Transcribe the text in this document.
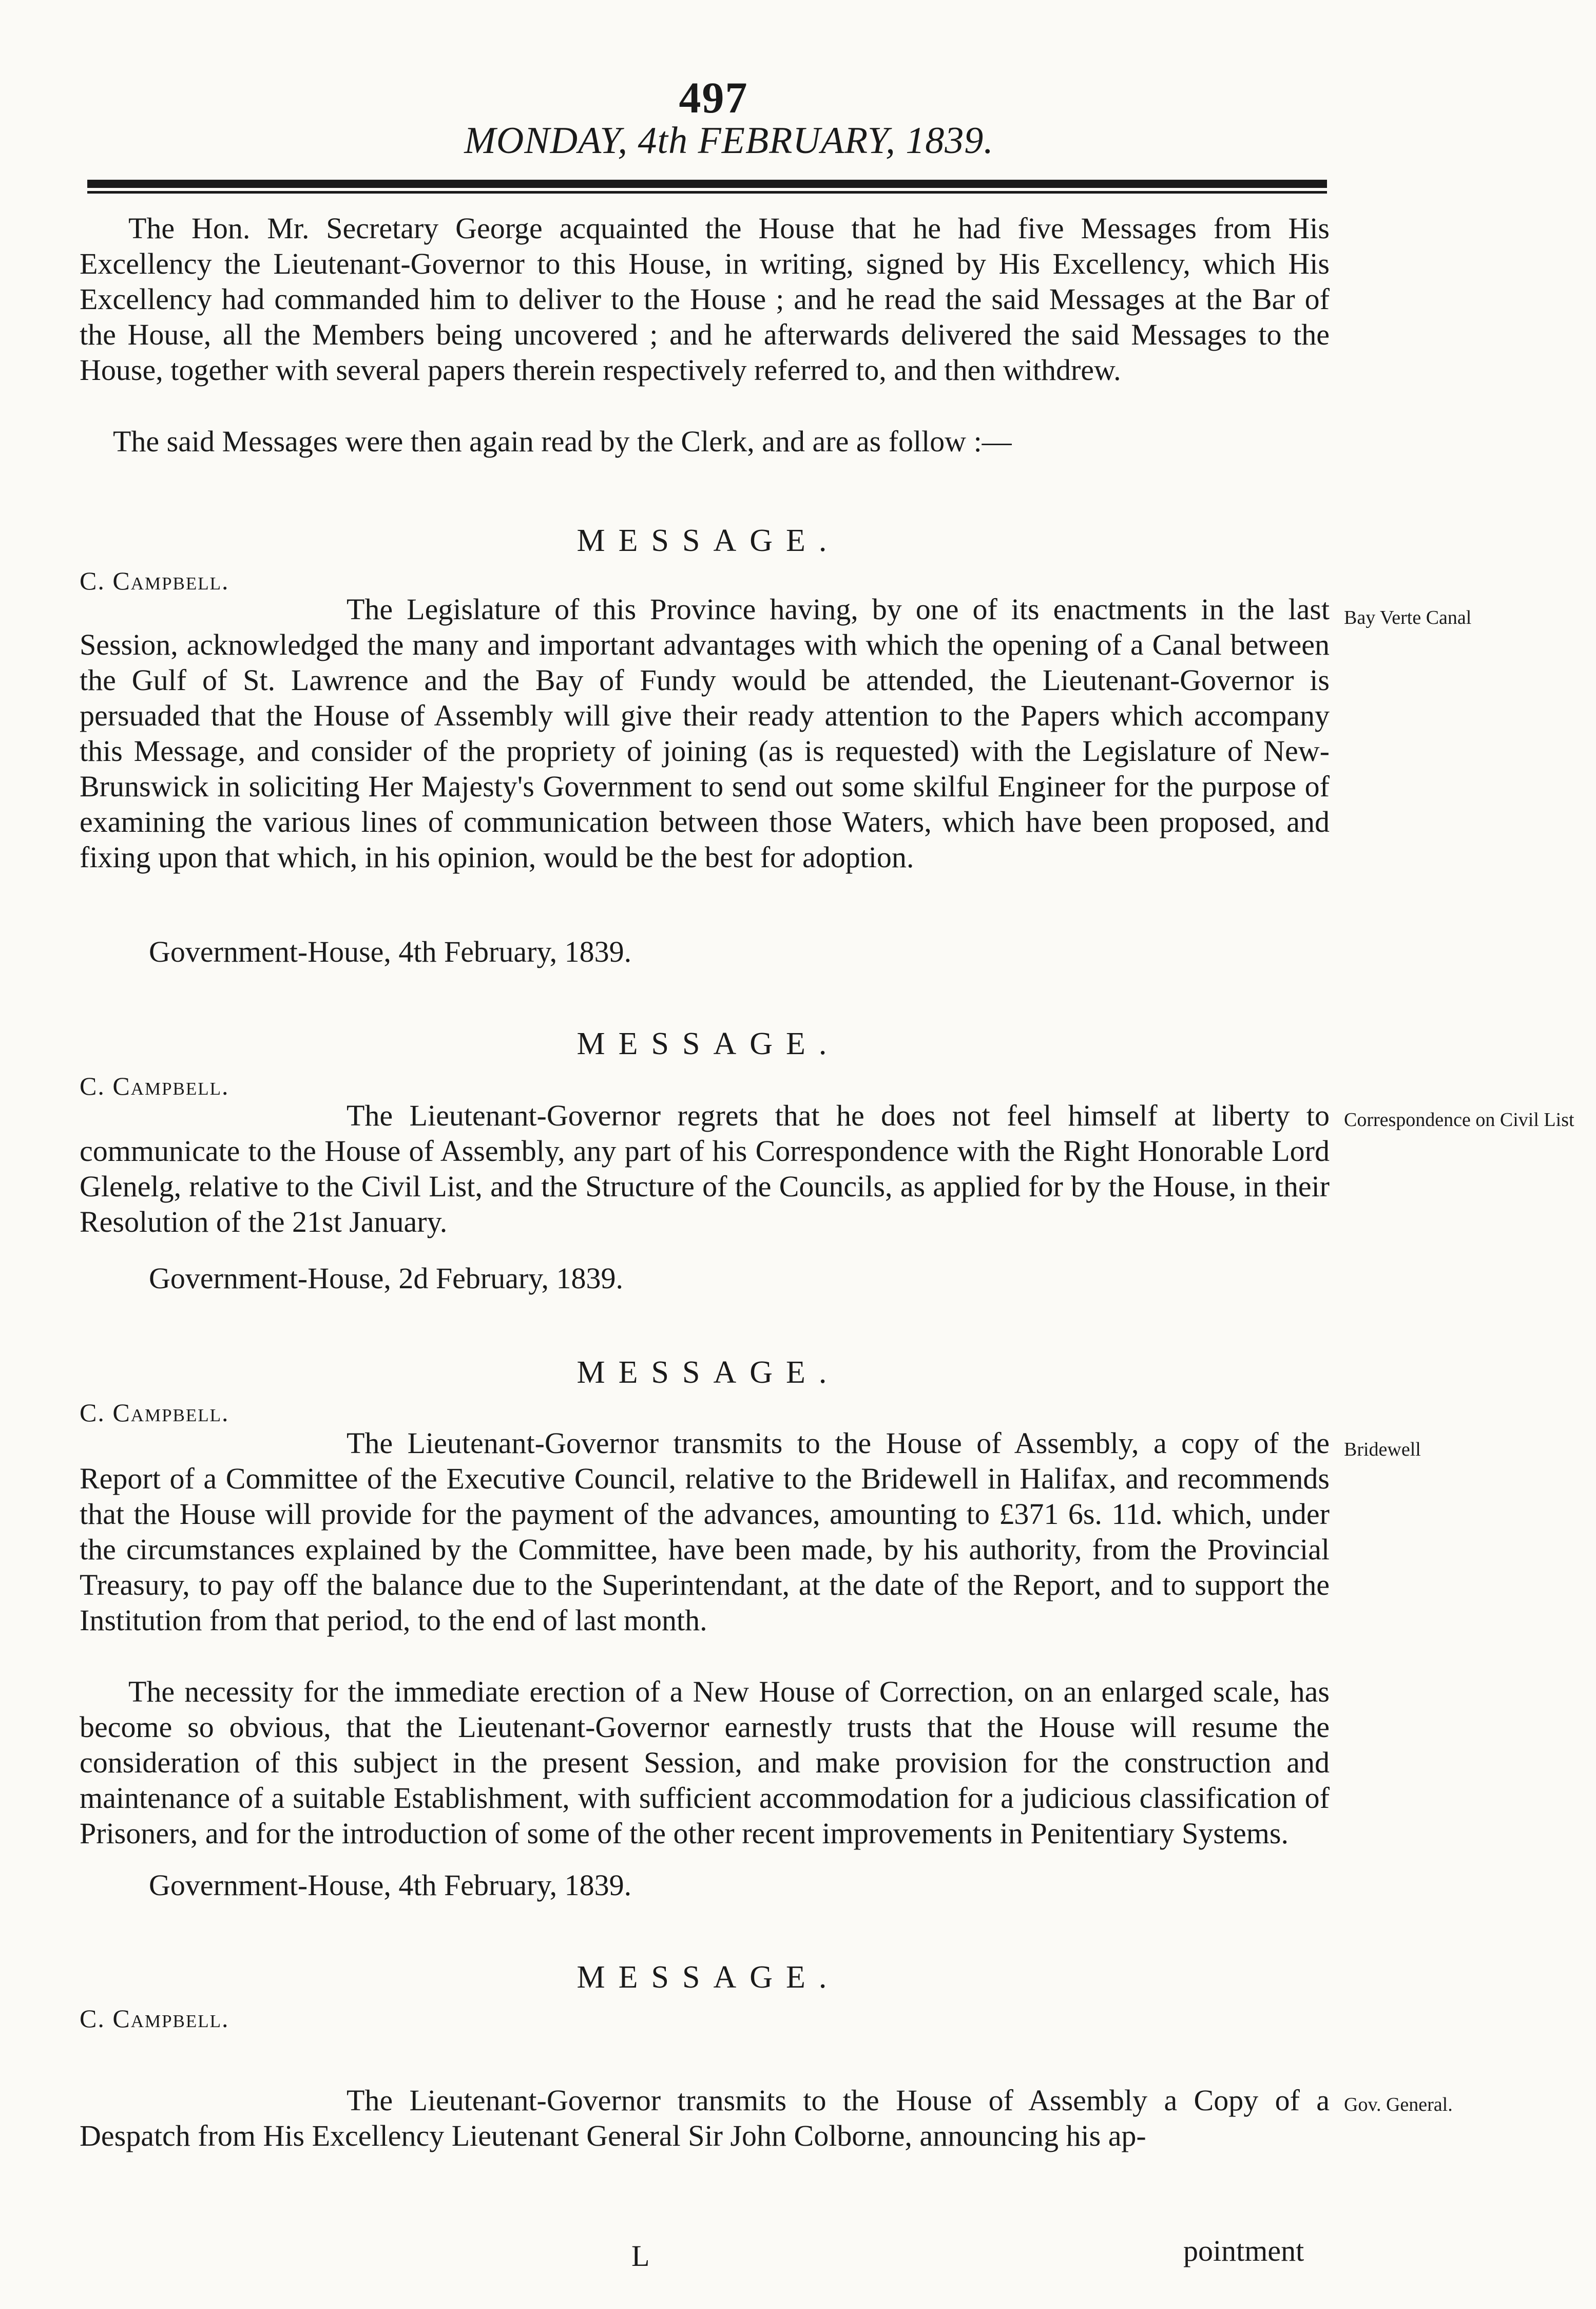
497
MONDAY, 4th FEBRUARY, 1839.
The Hon. Mr. Secretary George acquainted the House that he had five Messages from His Excellency the Lieutenant-Governor to this House, in writing, signed by His Excellency, which His Excellency had commanded him to deliver to the House ; and he read the said Messages at the Bar of the House, all the Members being uncovered ; and he afterwards delivered the said Messages to the House, together with several papers therein respectively referred to, and then withdrew.
The said Messages were then again read by the Clerk, and are as follow :—
MESSAGE.
C. Campbell.
Bay Verte Canal
The Legislature of this Province having, by one of its enactments in the last Session, acknowledged the many and important advantages with which the opening of a Canal between the Gulf of St. Lawrence and the Bay of Fundy would be attended, the Lieutenant-Governor is persuaded that the House of Assembly will give their ready attention to the Papers which accompany this Message, and consider of the propriety of joining (as is requested) with the Legislature of New-Brunswick in soliciting Her Majesty's Government to send out some skilful Engineer for the purpose of examining the various lines of communication between those Waters, which have been proposed, and fixing upon that which, in his opinion, would be the best for adoption.
Government-House, 4th February, 1839.
MESSAGE.
C. Campbell.
Correspondence on Civil List
The Lieutenant-Governor regrets that he does not feel himself at liberty to communicate to the House of Assembly, any part of his Correspondence with the Right Honorable Lord Glenelg, relative to the Civil List, and the Structure of the Councils, as applied for by the House, in their Resolution of the 21st January.
Government-House, 2d February, 1839.
MESSAGE.
C. Campbell.
Bridewell
The Lieutenant-Governor transmits to the House of Assembly, a copy of the Report of a Committee of the Executive Council, relative to the Bridewell in Halifax, and recommends that the House will provide for the payment of the advances, amounting to £371 6s. 11d. which, under the circumstances explained by the Committee, have been made, by his authority, from the Provincial Treasury, to pay off the balance due to the Superintendant, at the date of the Report, and to support the Institution from that period, to the end of last month.
The necessity for the immediate erection of a New House of Correction, on an enlarged scale, has become so obvious, that the Lieutenant-Governor earnestly trusts that the House will resume the consideration of this subject in the present Session, and make provision for the construction and maintenance of a suitable Establishment, with sufficient accommodation for a judicious classification of Prisoners, and for the introduction of some of the other recent improvements in Penitentiary Systems.
Government-House, 4th February, 1839.
MESSAGE.
C. Campbell.
Gov. General.
The Lieutenant-Governor transmits to the House of Assembly a Copy of a Despatch from His Excellency Lieutenant General Sir John Colborne, announcing his ap-
L	pointment
